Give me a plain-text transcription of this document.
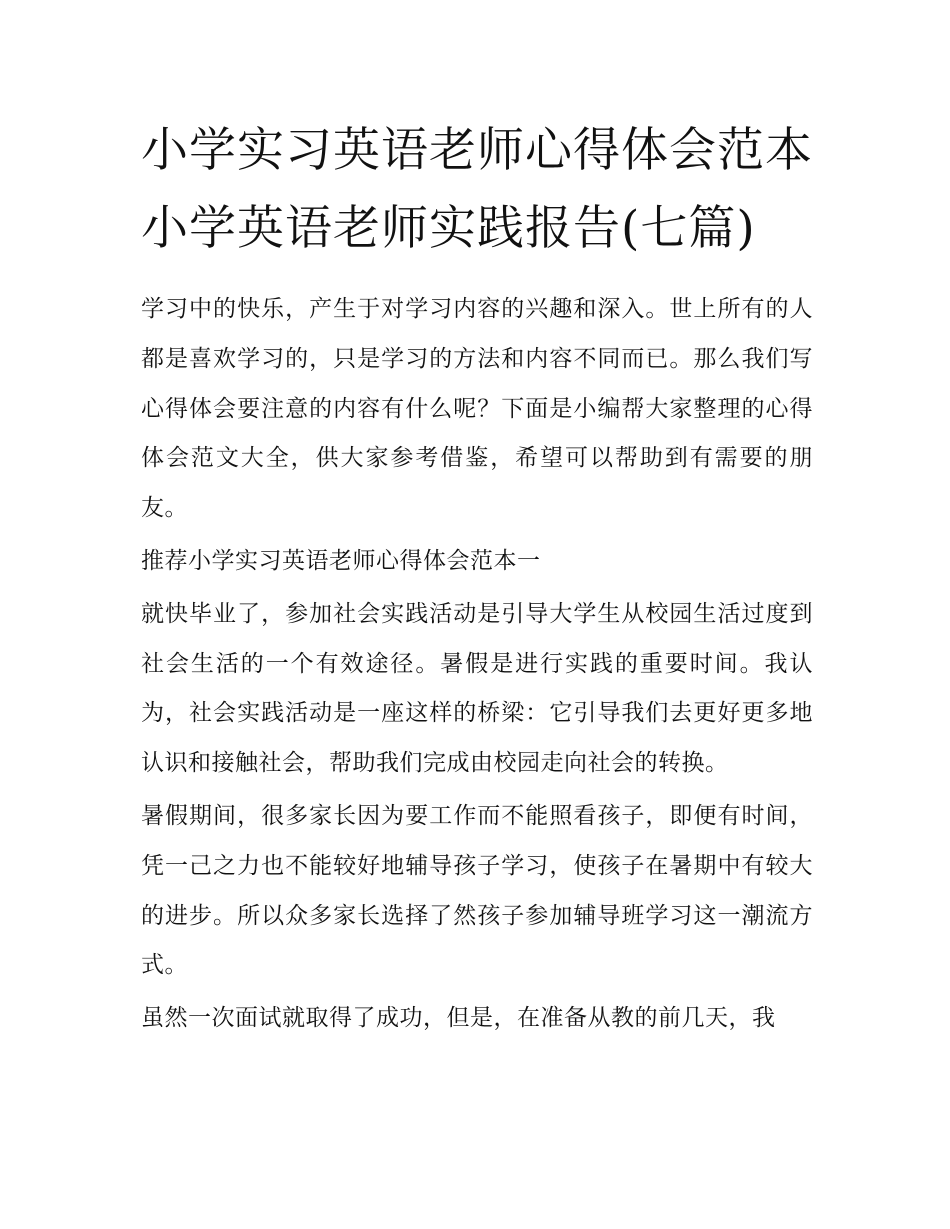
小学实习英语老师心得体会范本 小学英语老师实践报告(七篇)

学习中的快乐，产生于对学习内容的兴趣和深入。世上所有的人都是喜欢学习的，只是学习的方法和内容不同而已。那么我们写心得体会要注意的内容有什么呢？下面是小编帮大家整理的心得体会范文大全，供大家参考借鉴，希望可以帮助到有需要的朋友。

推荐小学实习英语老师心得体会范本一

就快毕业了，参加社会实践活动是引导大学生从校园生活过度到社会生活的一个有效途径。暑假是进行实践的重要时间。我认为，社会实践活动是一座这样的桥梁：它引导我们去更好更多地认识和接触社会，帮助我们完成由校园走向社会的转换。

暑假期间，很多家长因为要工作而不能照看孩子，即便有时间，凭一己之力也不能较好地辅导孩子学习，使孩子在暑期中有较大的进步。所以众多家长选择了然孩子参加辅导班学习这一潮流方式。

虽然一次面试就取得了成功，但是，在准备从教的前几天，我
